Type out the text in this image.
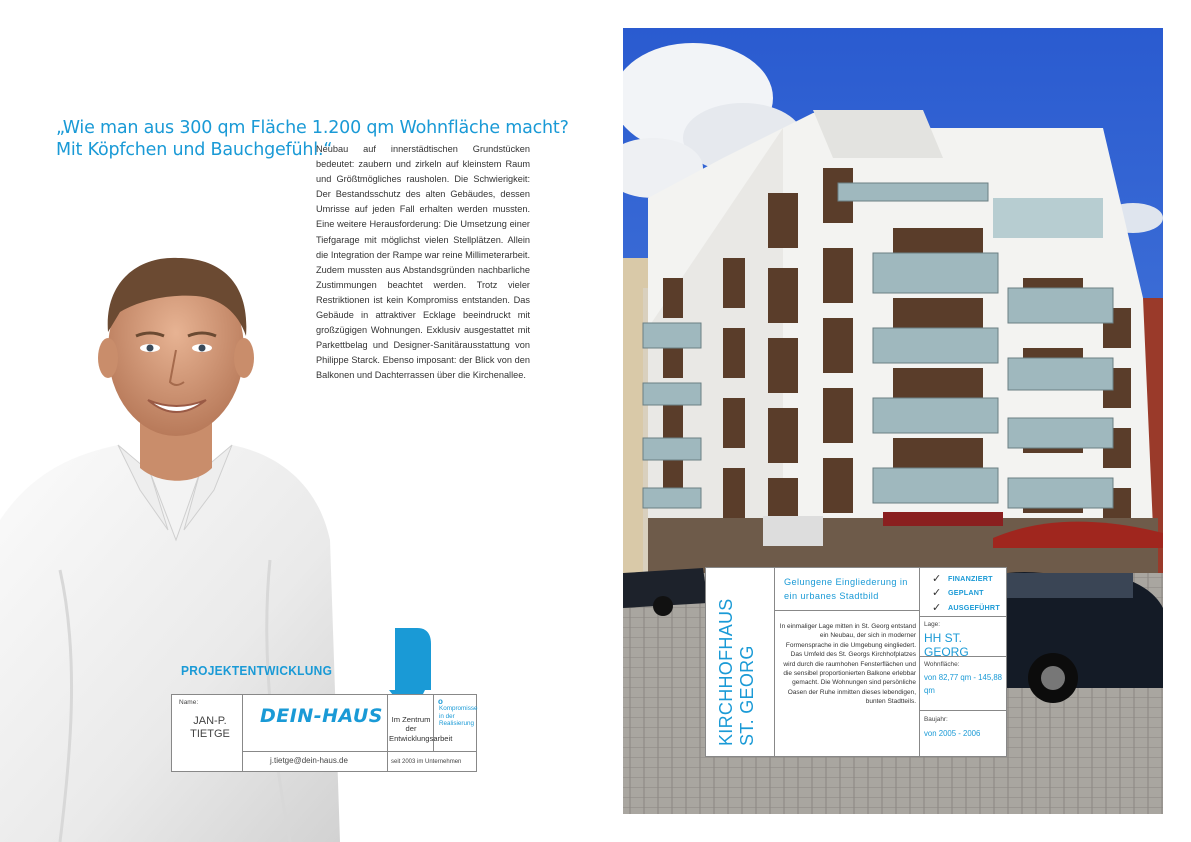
„Wie man aus 300 qm Fläche 1.200 qm Wohnfläche macht?
Mit Köpfchen und Bauchgefühl.“

Neubau auf innerstädtischen Grundstücken bedeutet: zaubern und zirkeln auf kleinstem Raum und Größtmögliches rausholen. Die Schwierigkeit: Der Bestandsschutz des alten Gebäudes, dessen Umrisse auf jeden Fall erhalten werden mussten. Eine weitere Herausforderung: Die Umsetzung einer Tiefgarage mit möglichst vielen Stellplätzen. Allein die Integration der Rampe war reine Millimeterarbeit. Zudem mussten aus Abstandsgründen nachbarliche Zustimmungen beachtet werden. Trotz vieler Restriktionen ist kein Kompromiss entstanden. Das Gebäude in attraktiver Ecklage beeindruckt mit großzügigen Wohnungen. Exklusiv ausgestattet mit Parkettbelag und Designer-Sanitärausstattung von Philippe Starck. Ebenso imposant: der Blick von den Balkonen und Dachterrassen über die Kirchenallee.

PROJEKTENTWICKLUNG
Name:
JAN-P. TIETGE
DEIN-HAUS
j.tietge@dein-haus.de
Im Zentrum der Entwicklungsarbeit
seit 2003 im Unternehmen
o
Kompromisse in der Realisierung	KIRCHHOFHAUS ST. GEORG
Gelungene Eingliederung in ein urbanes Stadtbild
In einmaliger Lage mitten in St. Georg entstand ein Neubau, der sich in moderner Formensprache in die Umgebung eingliedert. Das Umfeld des St. Georgs Kirchhofplatzes wird durch die raumhohen Fensterflächen und die sensibel proportionierten Balkone erlebbar gemacht. Die Wohnungen sind persönliche Oasen der Ruhe inmitten dieses lebendigen, bunten Stadtteils.
✓ FINANZIERT
✓ GEPLANT
✓ AUSGEFÜHRT
Lage:
HH ST. GEORG
Wohnfläche:
von 82,77 qm - 145,88 qm
Baujahr:
von 2005 - 2006
